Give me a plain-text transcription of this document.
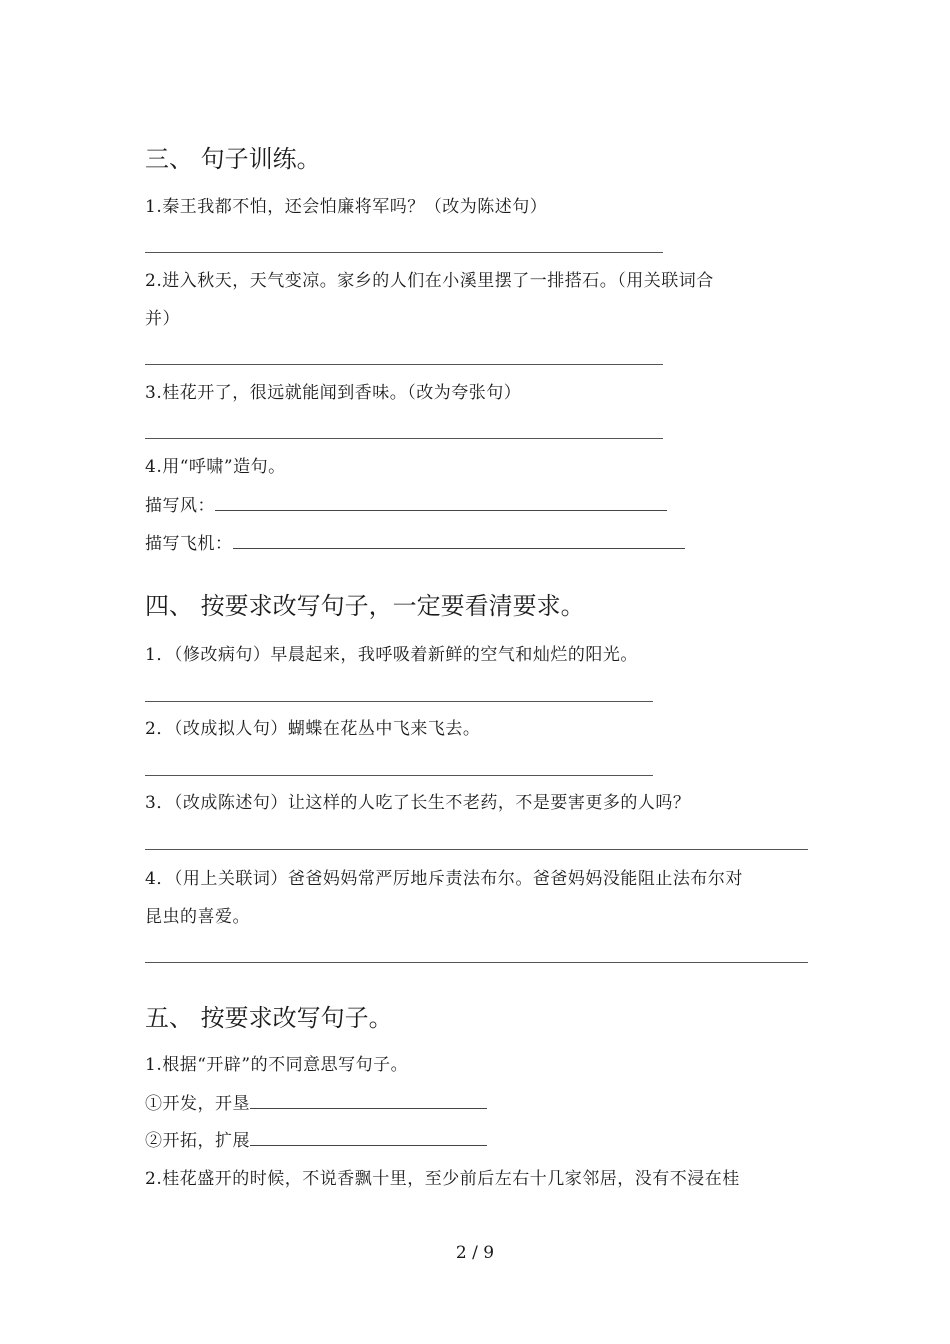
三、 句子训练。
1.秦王我都不怕，还会怕廉将军吗？（改为陈述句）
2.进入秋天，天气变凉。家乡的人们在小溪里摆了一排搭石。（用关联词合
并）
3.桂花开了，很远就能闻到香味。（改为夸张句）
4.用“呼啸”造句。
描写风：
描写飞机：
四、 按要求改写句子，一定要看清要求。
1．（修改病句）早晨起来，我呼吸着新鲜的空气和灿烂的阳光。
2．（改成拟人句）蝴蝶在花丛中飞来飞去。
3．（改成陈述句）让这样的人吃了长生不老药，不是要害更多的人吗？
4．（用上关联词）爸爸妈妈常严厉地斥责法布尔。爸爸妈妈没能阻止法布尔对
昆虫的喜爱。
五、 按要求改写句子。
1.根据“开辟”的不同意思写句子。
①开发，开垦
②开拓，扩展
2.桂花盛开的时候，不说香飘十里，至少前后左右十几家邻居，没有不浸在桂
2 / 9
